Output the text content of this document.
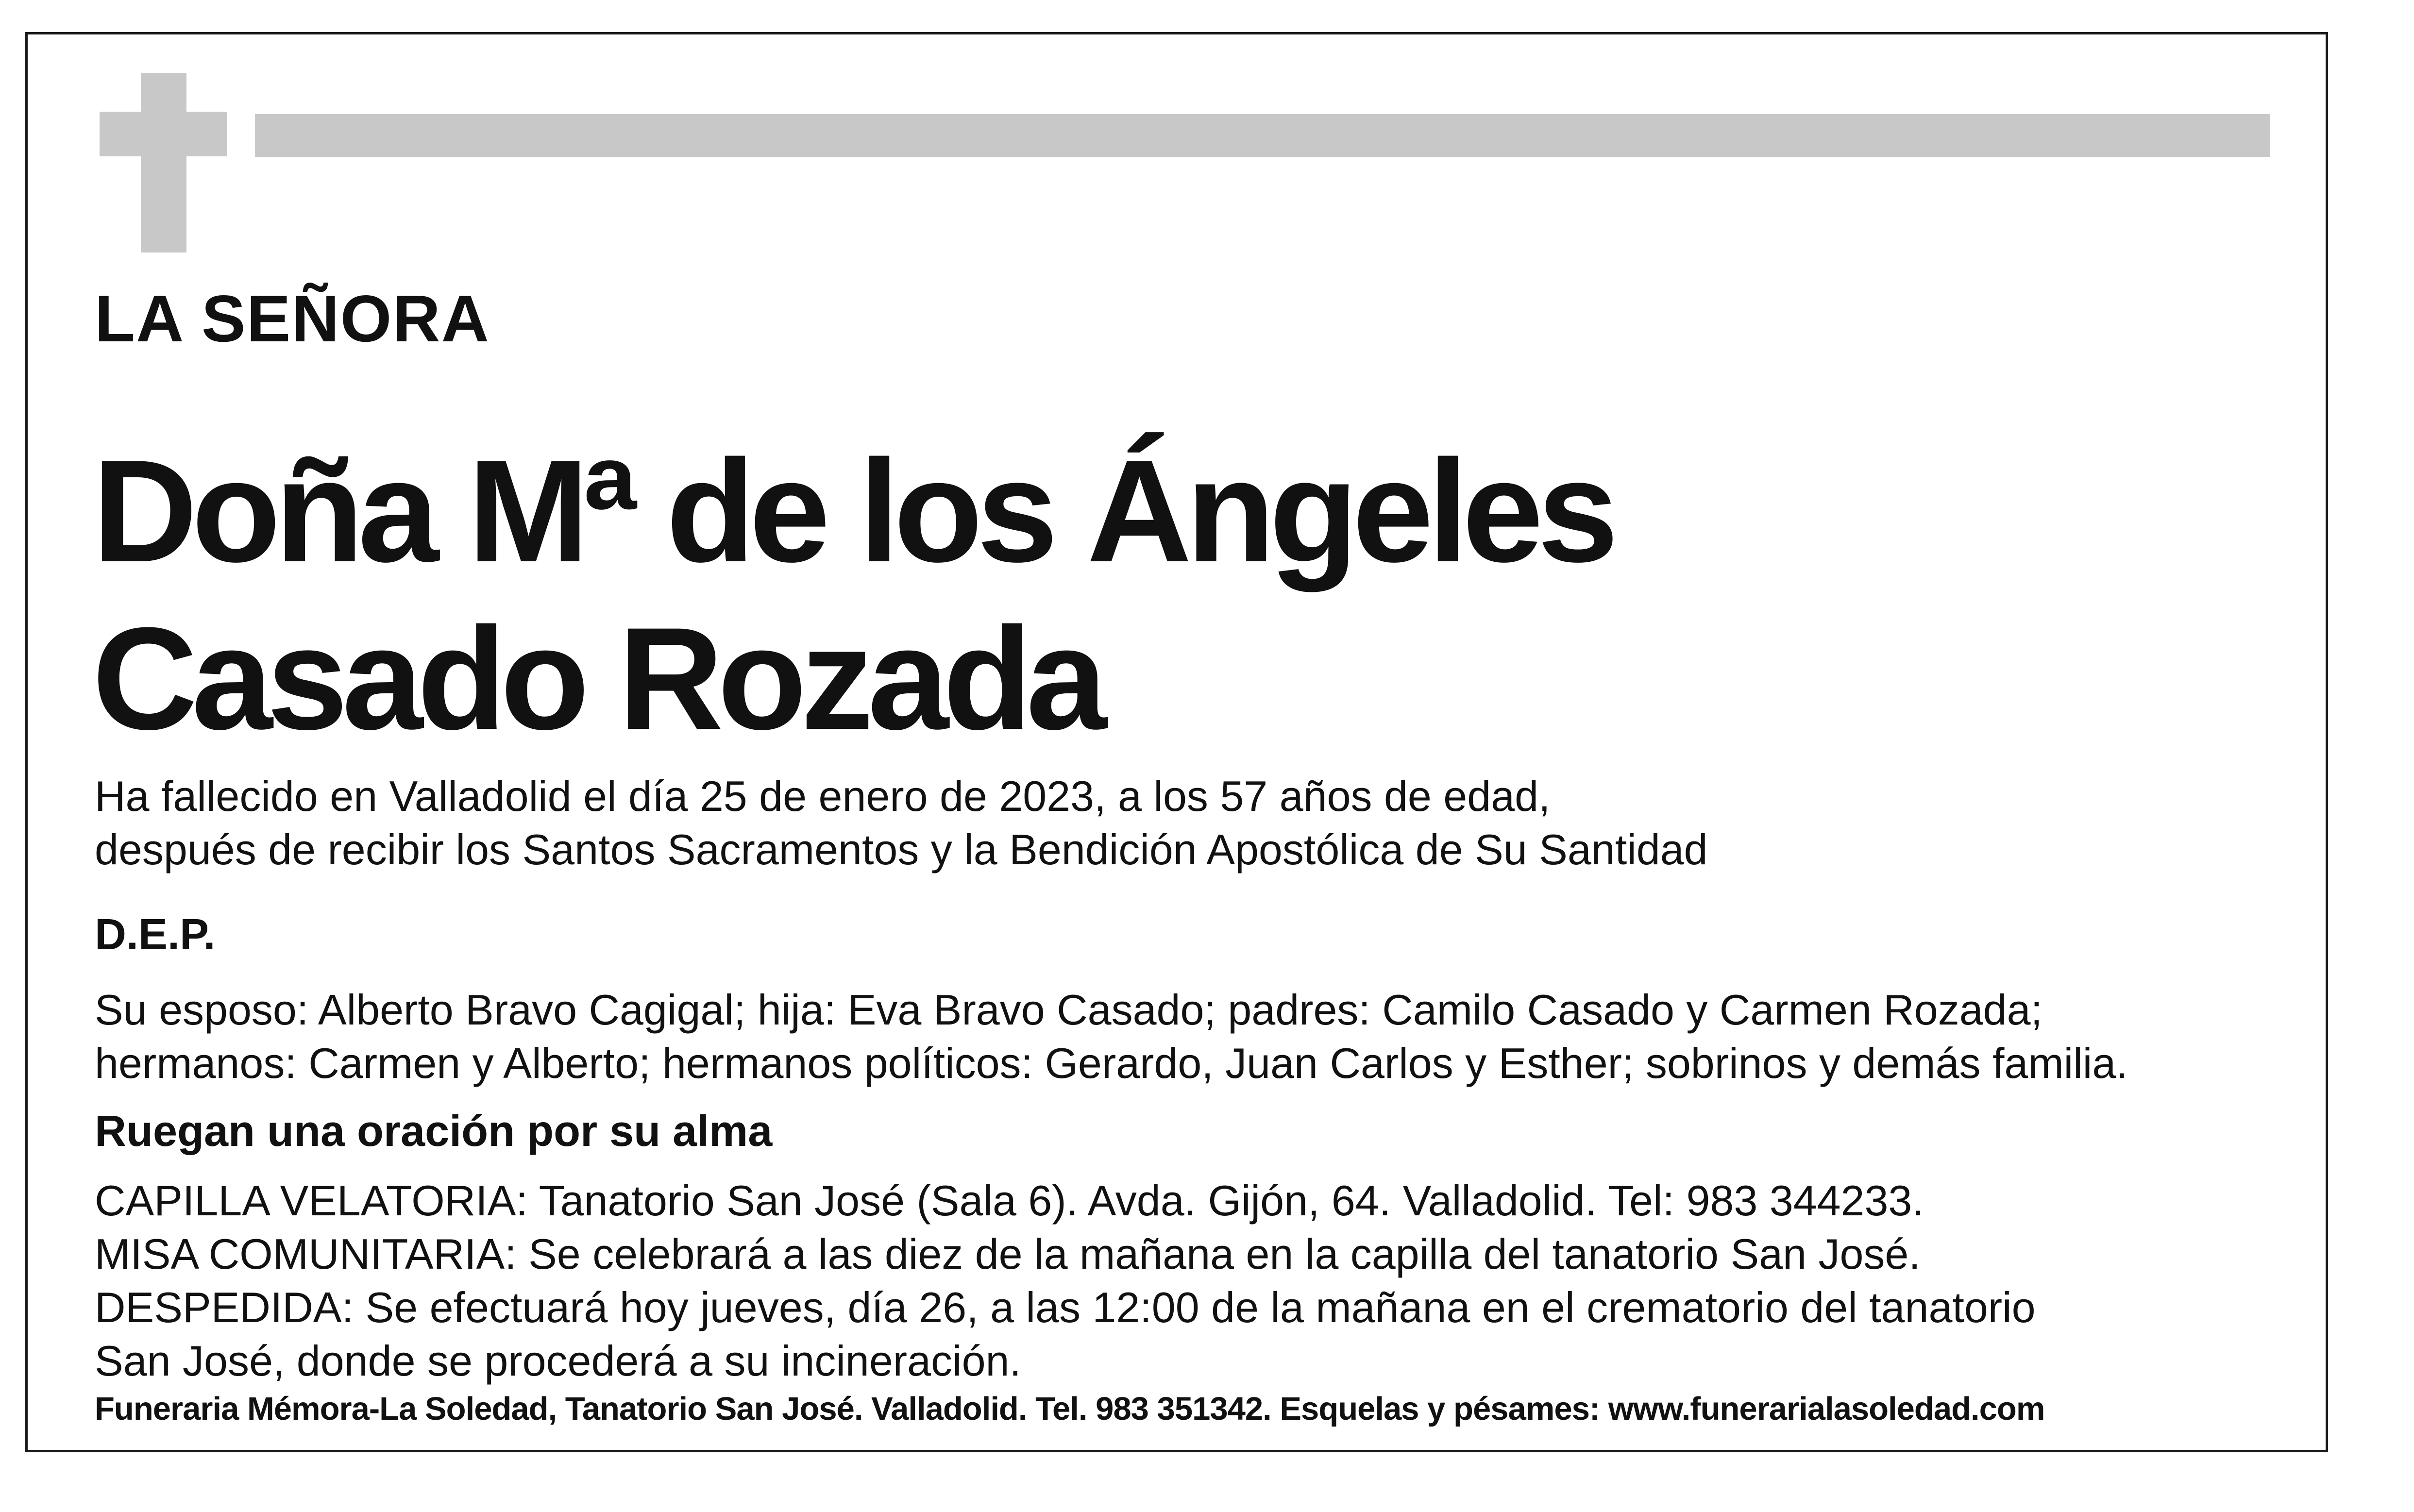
LA SEÑORA
Doña Mª de los Ángeles
Casado Rozada
Ha fallecido en Valladolid el día 25 de enero de 2023, a los 57 años de edad,
después de recibir los Santos Sacramentos y la Bendición Apostólica de Su Santidad
D.E.P.
Su esposo: Alberto Bravo Cagigal; hija: Eva Bravo Casado; padres: Camilo Casado y Carmen Rozada;
hermanos: Carmen y Alberto; hermanos políticos: Gerardo, Juan Carlos y Esther; sobrinos y demás familia.
Ruegan una oración por su alma
CAPILLA VELATORIA: Tanatorio San José (Sala 6). Avda. Gijón, 64. Valladolid. Tel: 983 344233.
MISA COMUNITARIA: Se celebrará a las diez de la mañana en la capilla del tanatorio San José.
DESPEDIDA: Se efectuará hoy jueves, día 26, a las 12:00 de la mañana en el crematorio del tanatorio
San José, donde se procederá a su incineración.
Funeraria Mémora-La Soledad, Tanatorio San José. Valladolid. Tel. 983 351342. Esquelas y pésames: www.funerarialasoledad.com
